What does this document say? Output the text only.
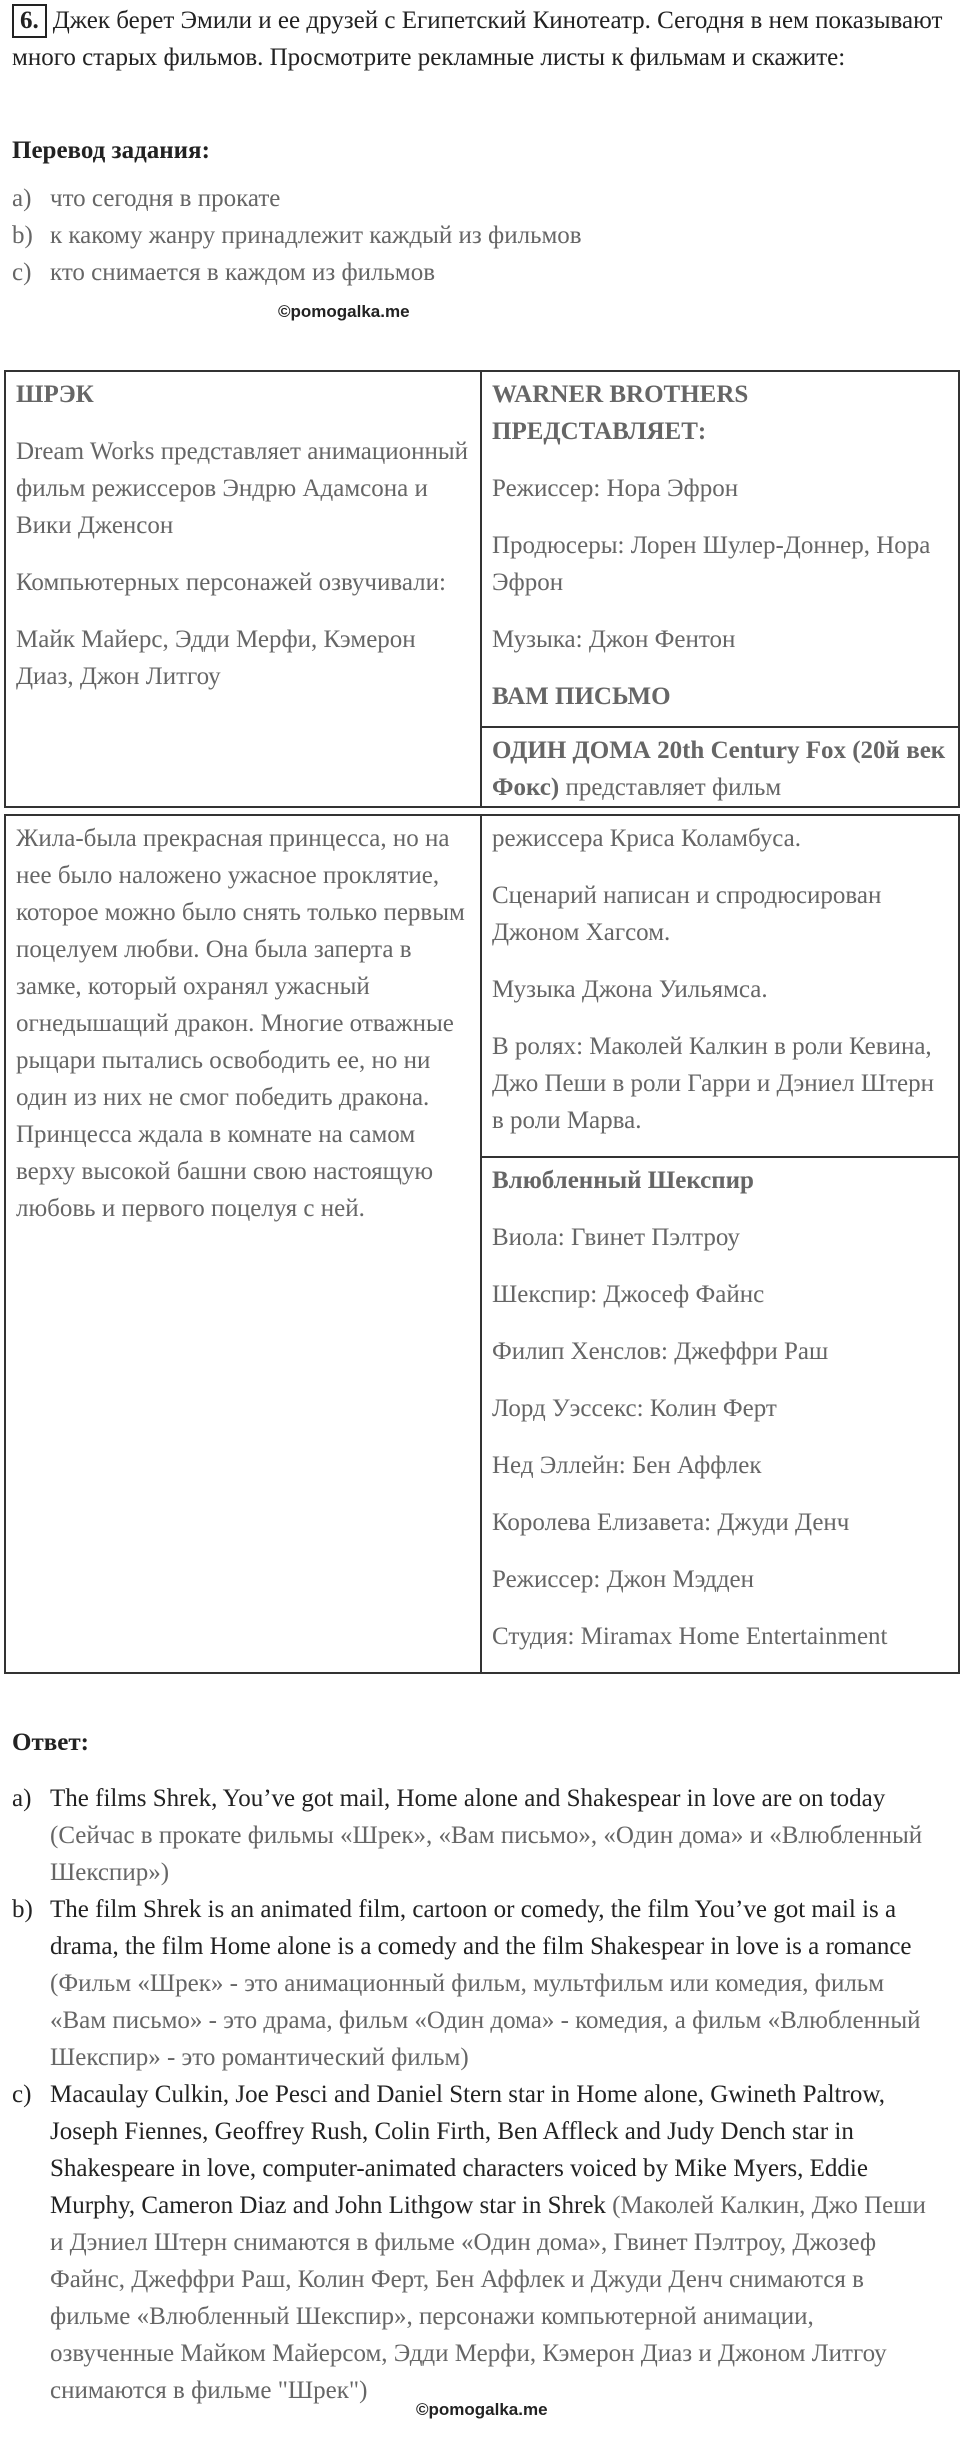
6. Джек берет Эмили и ее друзей с Египетский Кинотеатр. Сегодня в нем показывают много старых фильмов. Просмотрите рекламные листы к фильмам и скажите:
Перевод задания:
a) что сегодня в прокате
b) к какому жанру принадлежит каждый из фильмов
c) кто снимается в каждом из фильмов
©pomogalka.me

ШРЭК

Dream Works представляет анимационный фильм режиссеров Эндрю Адамсона и Вики Дженсон

Компьютерных персонажей озвучивали:

Майк Майерс, Эдди Мерфи, Кэмерон Диаз, Джон Литгоу

WARNER BROTHERS ПРЕДСТАВЛЯЕТ:

Режиссер: Нора Эфрон

Продюсеры: Лорен Шулер-Доннер, Нора Эфрон

Музыка: Джон Фентон

ВАМ ПИСЬМО

ОДИН ДОМА 20th Century Fox (20й век Фокс) представляет фильм

Жила-была прекрасная принцесса, но на нее было наложено ужасное проклятие, которое можно было снять только первым поцелуем любви. Она была заперта в замке, который охранял ужасный огнедышащий дракон. Многие отважные рыцари пытались освободить ее, но ни один из них не смог победить дракона. Принцесса ждала в комнате на самом верху высокой башни свою настоящую любовь и первого поцелуя с ней.

режиссера Криса Коламбуса.

Сценарий написан и спродюсирован Джоном Хагсом.

Музыка Джона Уильямса.

В ролях: Маколей Калкин в роли Кевина, Джо Пеши в роли Гарри и Дэниел Штерн в роли Марва.

Влюбленный Шекспир

Виола: Гвинет Пэлтроу

Шекспир: Джосеф Файнс

Филип Хенслов: Джеффри Раш

Лорд Уэссекс: Колин Ферт

Нед Эллейн: Бен Аффлек

Королева Елизавета: Джуди Денч

Режиссер: Джон Мэдден

Студия: Miramax Home Entertainment

Ответ:
a) The films Shrek, You’ve got mail, Home alone and Shakespear in love are on today (Сейчас в прокате фильмы «Шрек», «Вам письмо», «Один дома» и «Влюбленный Шекспир»)
b) The film Shrek is an animated film, cartoon or comedy, the film You’ve got mail is a drama, the film Home alone is a comedy and the film Shakespear in love is a romance (Фильм «Шрек» - это анимационный фильм, мультфильм или комедия, фильм «Вам письмо» - это драма, фильм «Один дома» - комедия, а фильм «Влюбленный Шекспир» - это романтический фильм)
c) Macaulay Culkin, Joe Pesci and Daniel Stern star in Home alone, Gwineth Paltrow, Joseph Fiennes, Geoffrey Rush, Colin Firth, Ben Affleck and Judy Dench star in Shakespeare in love, computer-animated characters voiced by Mike Myers, Eddie Murphy, Cameron Diaz and John Lithgow star in Shrek (Маколей Калкин, Джо Пеши и Дэниел Штерн снимаются в фильме «Один дома», Гвинет Пэлтроу, Джозеф Файнс, Джеффри Раш, Колин Ферт, Бен Аффлек и Джуди Денч снимаются в фильме «Влюбленный Шекспир», персонажи компьютерной анимации, озвученные Майком Майерсом, Эдди Мерфи, Кэмерон Диаз и Джоном Литгоу снимаются в фильме "Шрек")
©pomogalka.me
